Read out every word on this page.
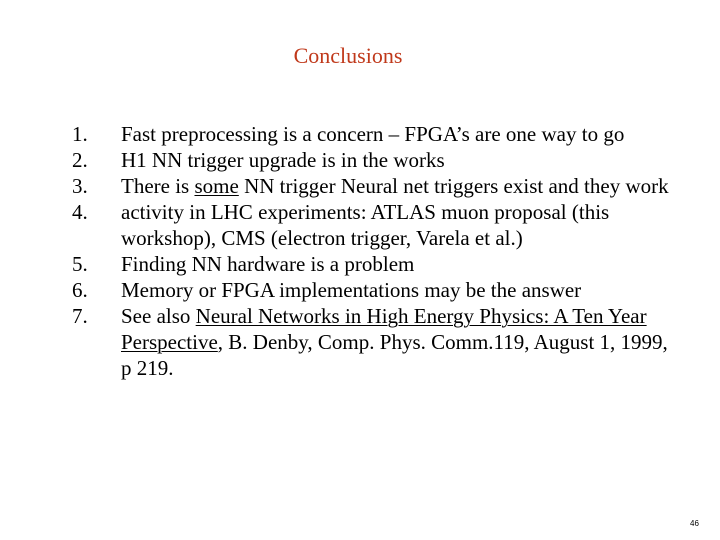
Conclusions
1.	Fast preprocessing is a concern – FPGA’s are one way to go
2.	H1 NN trigger upgrade is in the works
3.	There is some NN trigger Neural net triggers exist and they work
4.	activity in LHC experiments: ATLAS muon proposal (this workshop), CMS (electron trigger, Varela et al.)
5.	Finding NN hardware is a problem
6.	Memory or FPGA implementations may be the answer
7.	See also Neural Networks in High Energy Physics: A Ten Year Perspective, B. Denby, Comp. Phys. Comm.119, August 1, 1999, p 219.
46
